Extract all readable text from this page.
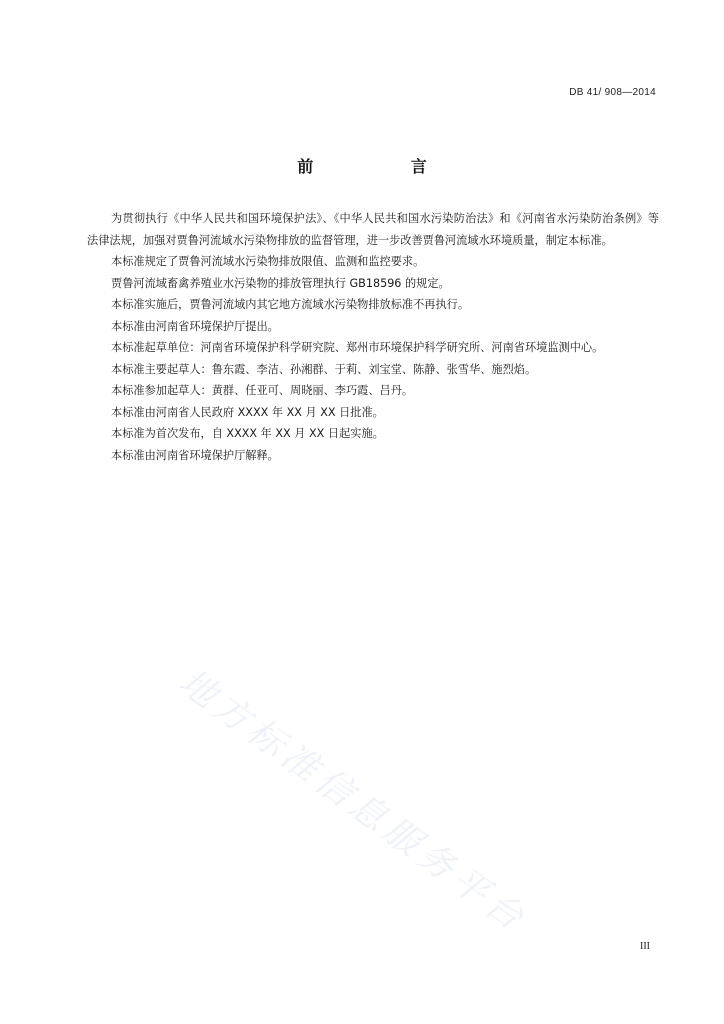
DB 41/ 908—2014
前 言

为贯彻执行《中华人民共和国环境保护法》、《中华人民共和国水污染防治法》和《河南省水污染防治条例》等法律法规，加强对贾鲁河流域水污染物排放的监督管理，进一步改善贾鲁河流域水环境质量，制定本标准。

本标准规定了贾鲁河流域水污染物排放限值、监测和监控要求。

贾鲁河流域畜禽养殖业水污染物的排放管理执行 GB18596 的规定。

本标准实施后，贾鲁河流域内其它地方流域水污染物排放标准不再执行。

本标准由河南省环境保护厅提出。

本标准起草单位：河南省环境保护科学研究院、郑州市环境保护科学研究所、河南省环境监测中心。

本标准主要起草人：鲁东霞、李洁、孙湘群、于莉、刘宝堂、陈静、张雪华、施烈焰。

本标准参加起草人：黄群、任亚可、周晓丽、李巧霞、吕丹。

本标准由河南省人民政府 XXXX 年 XX 月 XX 日批准。

本标准为首次发布，自 XXXX 年 XX 月 XX 日起实施。

本标准由河南省环境保护厅解释。

地方标准信息服务平台
III
